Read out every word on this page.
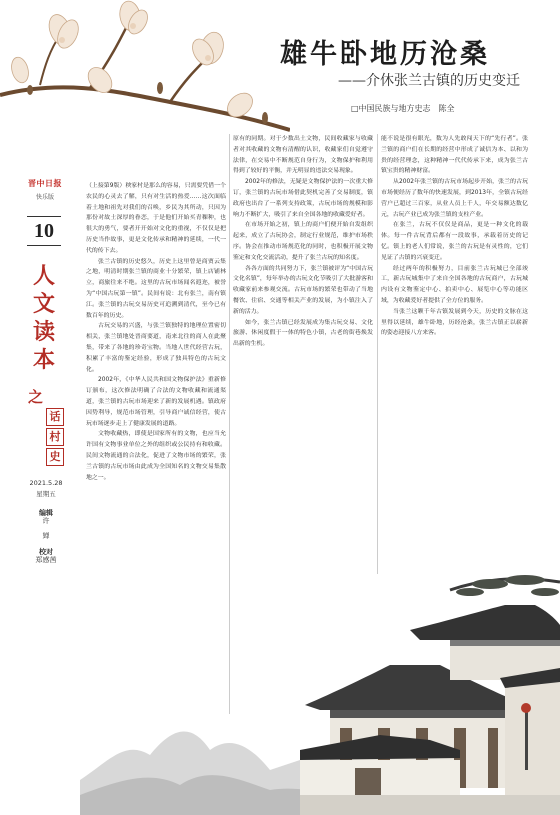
雄牛卧地历沧桑
——介休张兰古镇的历史变迁
□中国民族与地方史志　陈全
晋中日报
快乐版
10
人
文
读
本
之
话
村
史
2021.5.28
星期五
编辑
许
婵
校对
郑感茜

（上接第9版）秧家村是那么的容易，只需要凭借一个农民的心灵去了解，只有对生活的热爱……这次面临着土地和祖先对我们的召唤，乡民为其所动，只因为那份对故土深厚的眷恋，于是他们开始买青稞种，也很大的勇气，要者开开始对文化的重视，不仅仅是把历史当作故事，更是文化传承和精神的延续，一代一代的传下去。

张兰古镇的历史悠久，历史上这里曾是商贾云集之地，明清时期张兰镇的商业十分繁荣，镇上店铺林立，商旅往来不绝。这里的古玩市场闻名遐迩，被誉为“中国古玩第一镇”。民间有说：北有张兰，南有镇江。张兰镇的古玩交易历史可追溯到清代，至今已有数百年的历史。

古玩交易的兴盛，与张兰镇独特的地理位置密切相关，张兰镇地处晋商要道，南来北往的商人在此聚集，带来了各地的珍奇宝物。当地人世代经营古玩，积累了丰富的鉴定经验，形成了独具特色的古玩文化。

2002年，《中华人民共和国文物保护法》重新修订颁布，这次修法明确了合法的文物收藏和流通渠道，张兰镇的古玩市场迎来了新的发展机遇。镇政府因势利导，规范市场管理，引导商户诚信经营，使古玩市场逐步走上了健康发展的道路。

文物收藏热，即使是国家所有的文物，也应当允许国有文物事业单位之外的组织或公民持有和收藏。民间文物流通的合法化，促进了文物市场的繁荣，张兰古镇的古玩市场由此成为全国知名的文物交易集散地之一。

原有的同期。对于少数出土文物，民间收藏家与收藏者对其收藏的文物有清醒的认识，收藏家们自觉遵守法律，在交易中不断规范自身行为，文物保护和利用得到了较好的平衡，并无明显的违法交易现象。

2002年的修法，无疑是文物保护法的一次重大修订，张兰镇的古玩市场借此契机完善了交易制度，镇政府也出台了一系列支持政策，古玩市场的规模和影响力不断扩大，吸引了来自全国各地的收藏爱好者。

在市场开始之初，镇上的商户们便开始自发组织起来，成立了古玩协会，制定行业规范，维护市场秩序。协会在推动市场规范化的同时，也积极开展文物鉴定和文化交流活动，提升了张兰古玩的知名度。

各各方面的共同努力下，张兰镇被评为“中国古玩文化名镇”，每年举办的古玩文化节吸引了大批游客和收藏家前来参观交流。古玩市场的繁荣也带动了当地餐饮、住宿、交通等相关产业的发展，为小镇注入了新的活力。

如今，张兰古镇已经发展成为集古玩交易、文化旅游、休闲度假于一体的特色小镇，古老的街巷焕发出新的生机。

能不说是很有眼光，数为人先敢闯天下的“先行者”。张兰镇的商户们在长期的经营中形成了诚信为本、以和为贵的经营理念，这种精神一代代传承下来，成为张兰古镇宝贵的精神财富。

从2002年张兰镇的古玩市场起步开始，张兰的古玩市场便经历了数年的快速发展，到2013年，全镇古玩经营户已超过三百家，从业人员上千人，年交易额达数亿元，古玩产业已成为张兰镇的支柱产业。

在张兰，古玩不仅仅是商品，更是一种文化的载体。每一件古玩背后都有一段故事，承载着历史的记忆。镇上的老人们常说，张兰的古玩是有灵性的，它们见证了古镇的兴衰变迁。

经过两年的积极努力，目前张兰古玩城已全部竣工，新古玩城集中了来自全国各地的古玩商户，古玩城内设有文物鉴定中心、拍卖中心、展览中心等功能区域，为收藏爱好者提供了全方位的服务。

当张兰这颗千年古镇发展到今天，历史的文脉在这里得以延续，雄牛卧地，历经沧桑，张兰古镇正以崭新的姿态迎接八方来客。
